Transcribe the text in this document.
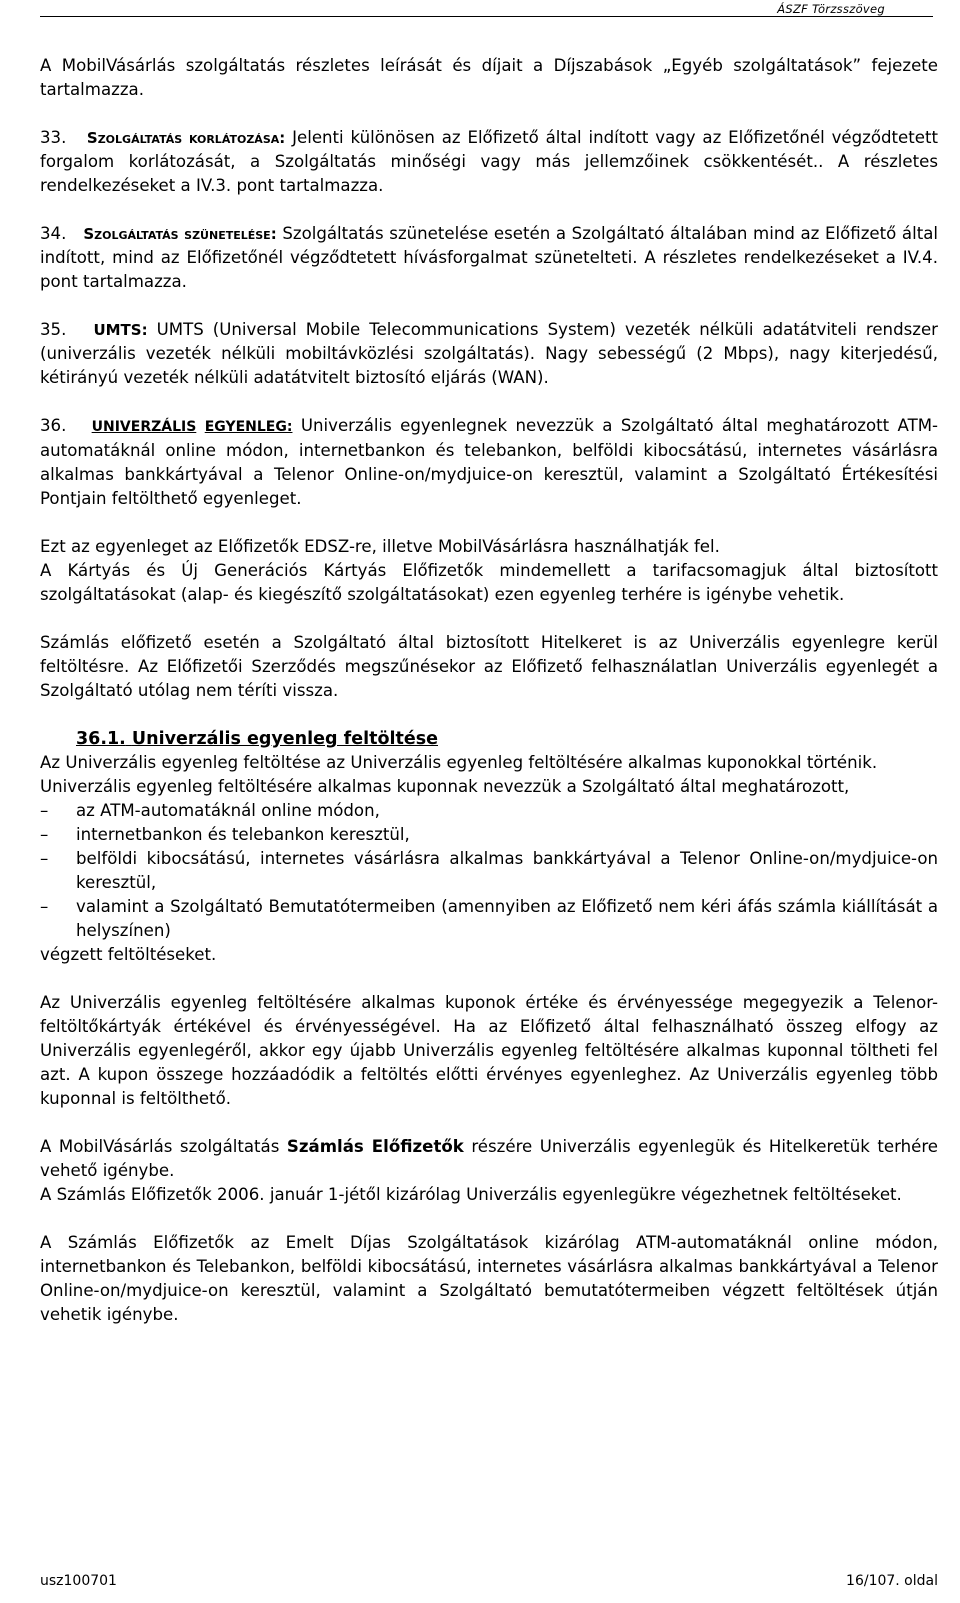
ÁSZF Törzsszöveg

A MobilVásárlás szolgáltatás részletes leírását és díjait a Díjszabások „Egyéb szolgáltatások” fejezete tartalmazza.

33. Szolgáltatás korlátozása: Jelenti különösen az Előfizető által indított vagy az Előfizetőnél végződtetett forgalom korlátozását, a Szolgáltatás minőségi vagy más jellemzőinek csökkentését.. A részletes rendelkezéseket a IV.3. pont tartalmazza.

34. Szolgáltatás szünetelése: Szolgáltatás szünetelése esetén a Szolgáltató általában mind az Előfizető által indított, mind az Előfizetőnél végződtetett hívásforgalmat szünetelteti. A részletes rendelkezéseket a IV.4. pont tartalmazza.

35. UMTS: UMTS (Universal Mobile Telecommunications System) vezeték nélküli adatátviteli rendszer (univerzális vezeték nélküli mobiltávközlési szolgáltatás). Nagy sebességű (2 Mbps), nagy kiterjedésű, kétirányú vezeték nélküli adatátvitelt biztosító eljárás (WAN).

36. UNIVERZÁLIS EGYENLEG: Univerzális egyenlegnek nevezzük a Szolgáltató által meghatározott ATM-automatáknál online módon, internetbankon és telebankon, belföldi kibocsátású, internetes vásárlásra alkalmas bankkártyával a Telenor Online-on/mydjuice-on keresztül, valamint a Szolgáltató Értékesítési Pontjain feltölthető egyenleget.

Ezt az egyenleget az Előfizetők EDSZ-re, illetve MobilVásárlásra használhatják fel.

A Kártyás és Új Generációs Kártyás Előfizetők mindemellett a tarifacsomagjuk által biztosított szolgáltatásokat (alap- és kiegészítő szolgáltatásokat) ezen egyenleg terhére is igénybe vehetik.

Számlás előfizető esetén a Szolgáltató által biztosított Hitelkeret is az Univerzális egyenlegre kerül feltöltésre. Az Előfizetői Szerződés megszűnésekor az Előfizető felhasználatlan Univerzális egyenlegét a Szolgáltató utólag nem téríti vissza.

36.1. Univerzális egyenleg feltöltése

Az Univerzális egyenleg feltöltése az Univerzális egyenleg feltöltésére alkalmas kuponokkal történik.

Univerzális egyenleg feltöltésére alkalmas kuponnak nevezzük a Szolgáltató által meghatározott,

– az ATM-automatáknál online módon,
– internetbankon és telebankon keresztül,
– belföldi kibocsátású, internetes vásárlásra alkalmas bankkártyával a Telenor Online-on/mydjuice-on keresztül,
– valamint a Szolgáltató Bemutatótermeiben (amennyiben az Előfizető nem kéri áfás számla kiállítását a helyszínen)

végzett feltöltéseket.

Az Univerzális egyenleg feltöltésére alkalmas kuponok értéke és érvényessége megegyezik a Telenor-feltöltőkártyák értékével és érvényességével. Ha az Előfizető által felhasználható összeg elfogy az Univerzális egyenlegéről, akkor egy újabb Univerzális egyenleg feltöltésére alkalmas kuponnal töltheti fel azt. A kupon összege hozzáadódik a feltöltés előtti érvényes egyenleghez. Az Univerzális egyenleg több kuponnal is feltölthető.

A MobilVásárlás szolgáltatás Számlás Előfizetők részére Univerzális egyenlegük és Hitelkeretük terhére vehető igénybe.

A Számlás Előfizetők 2006. január 1-jétől kizárólag Univerzális egyenlegükre végezhetnek feltöltéseket.

A Számlás Előfizetők az Emelt Díjas Szolgáltatások kizárólag ATM-automatáknál online módon, internetbankon és Telebankon, belföldi kibocsátású, internetes vásárlásra alkalmas bankkártyával a Telenor Online-on/mydjuice-on keresztül, valamint a Szolgáltató bemutatótermeiben végzett feltöltések útján vehetik igénybe.

usz100701	16/107. oldal
